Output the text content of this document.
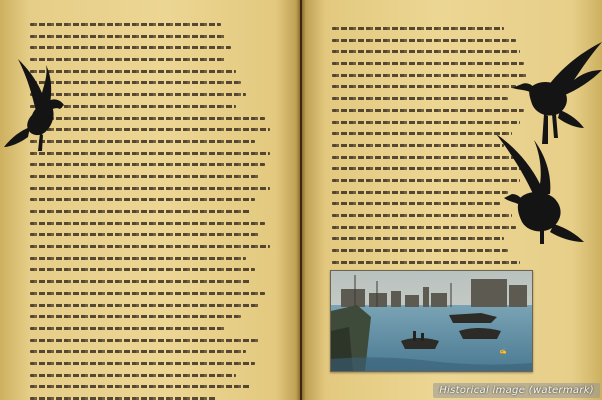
✍
Historical image (watermark)
